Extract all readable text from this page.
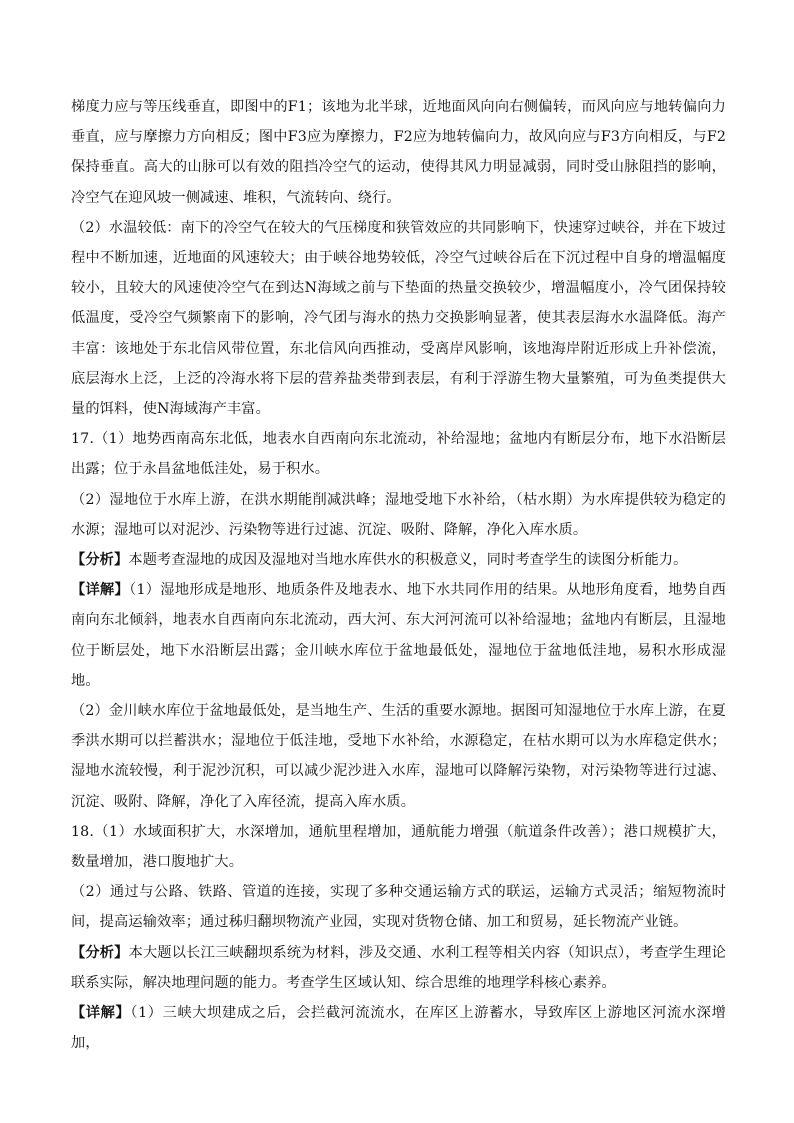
梯度力应与等压线垂直，即图中的F1；该地为北半球，近地面风向向右侧偏转，而风向应与地转偏向力垂直，应与摩擦力方向相反；图中F3应为摩擦力，F2应为地转偏向力，故风向应与F3方向相反，与F2保持垂直。高大的山脉可以有效的阻挡冷空气的运动，使得其风力明显减弱，同时受山脉阻挡的影响，冷空气在迎风坡一侧减速、堆积，气流转向、绕行。

（2）水温较低：南下的冷空气在较大的气压梯度和狭管效应的共同影响下，快速穿过峡谷，并在下坡过程中不断加速，近地面的风速较大；由于峡谷地势较低，冷空气过峡谷后在下沉过程中自身的增温幅度较小，且较大的风速使冷空气在到达N海域之前与下垫面的热量交换较少，增温幅度小，冷气团保持较低温度，受冷空气频繁南下的影响，冷气团与海水的热力交换影响显著，使其表层海水水温降低。海产丰富：该地处于东北信风带位置，东北信风向西推动，受离岸风影响，该地海岸附近形成上升补偿流，底层海水上泛，上泛的冷海水将下层的营养盐类带到表层，有利于浮游生物大量繁殖，可为鱼类提供大量的饵料，使N海域海产丰富。

17.（1）地势西南高东北低，地表水自西南向东北流动，补给湿地；盆地内有断层分布，地下水沿断层出露；位于永昌盆地低洼处，易于积水。

（2）湿地位于水库上游，在洪水期能削减洪峰；湿地受地下水补给，（枯水期）为水库提供较为稳定的水源；湿地可以对泥沙、污染物等进行过滤、沉淀、吸附、降解，净化入库水质。

【分析】本题考查湿地的成因及湿地对当地水库供水的积极意义，同时考查学生的读图分析能力。

【详解】（1）湿地形成是地形、地质条件及地表水、地下水共同作用的结果。从地形角度看，地势自西南向东北倾斜，地表水自西南向东北流动，西大河、东大河河流可以补给湿地；盆地内有断层，且湿地位于断层处，地下水沿断层出露；金川峡水库位于盆地最低处，湿地位于盆地低洼地，易积水形成湿地。

（2）金川峡水库位于盆地最低处，是当地生产、生活的重要水源地。据图可知湿地位于水库上游，在夏季洪水期可以拦蓄洪水；湿地位于低洼地，受地下水补给，水源稳定，在枯水期可以为水库稳定供水；湿地水流较慢，利于泥沙沉积，可以减少泥沙进入水库，湿地可以降解污染物，对污染物等进行过滤、沉淀、吸附、降解，净化了入库径流，提高入库水质。

18.（1）水域面积扩大，水深增加，通航里程增加，通航能力增强（航道条件改善）；港口规模扩大，数量增加，港口腹地扩大。

（2）通过与公路、铁路、管道的连接，实现了多种交通运输方式的联运，运输方式灵活；缩短物流时间，提高运输效率；通过秭归翻坝物流产业园，实现对货物仓储、加工和贸易，延长物流产业链。

【分析】本大题以长江三峡翻坝系统为材料，涉及交通、水利工程等相关内容（知识点），考查学生理论联系实际，解决地理问题的能力。考查学生区域认知、综合思维的地理学科核心素养。

【详解】（1）三峡大坝建成之后，会拦截河流流水，在库区上游蓄水，导致库区上游地区河流水深增加，
